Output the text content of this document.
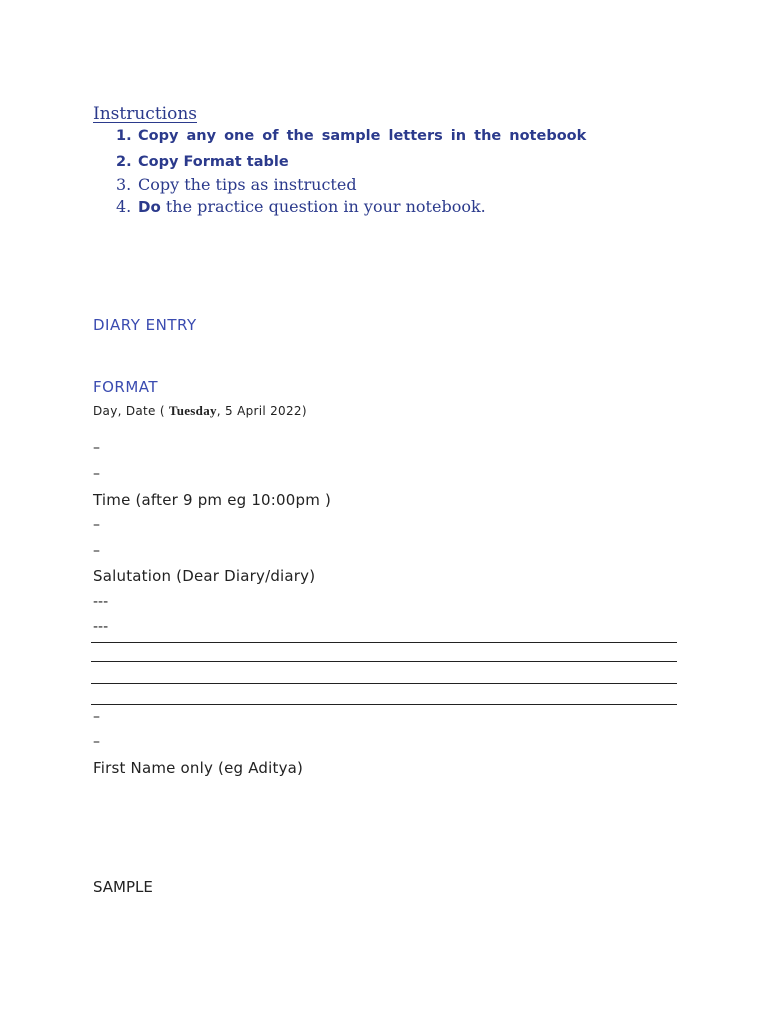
Instructions
1. Copy any one of the sample letters in the notebook
2. Copy Format table
3. Copy the tips as instructed
4. Do the practice question in your notebook.
DIARY ENTRY
FORMAT
Day, Date ( Tuesday, 5 April 2022)
–
–
Time (after 9 pm eg 10:00pm )
–
–
Salutation (Dear Diary/diary)
---
---
–
–
First Name only (eg Aditya)
SAMPLE
